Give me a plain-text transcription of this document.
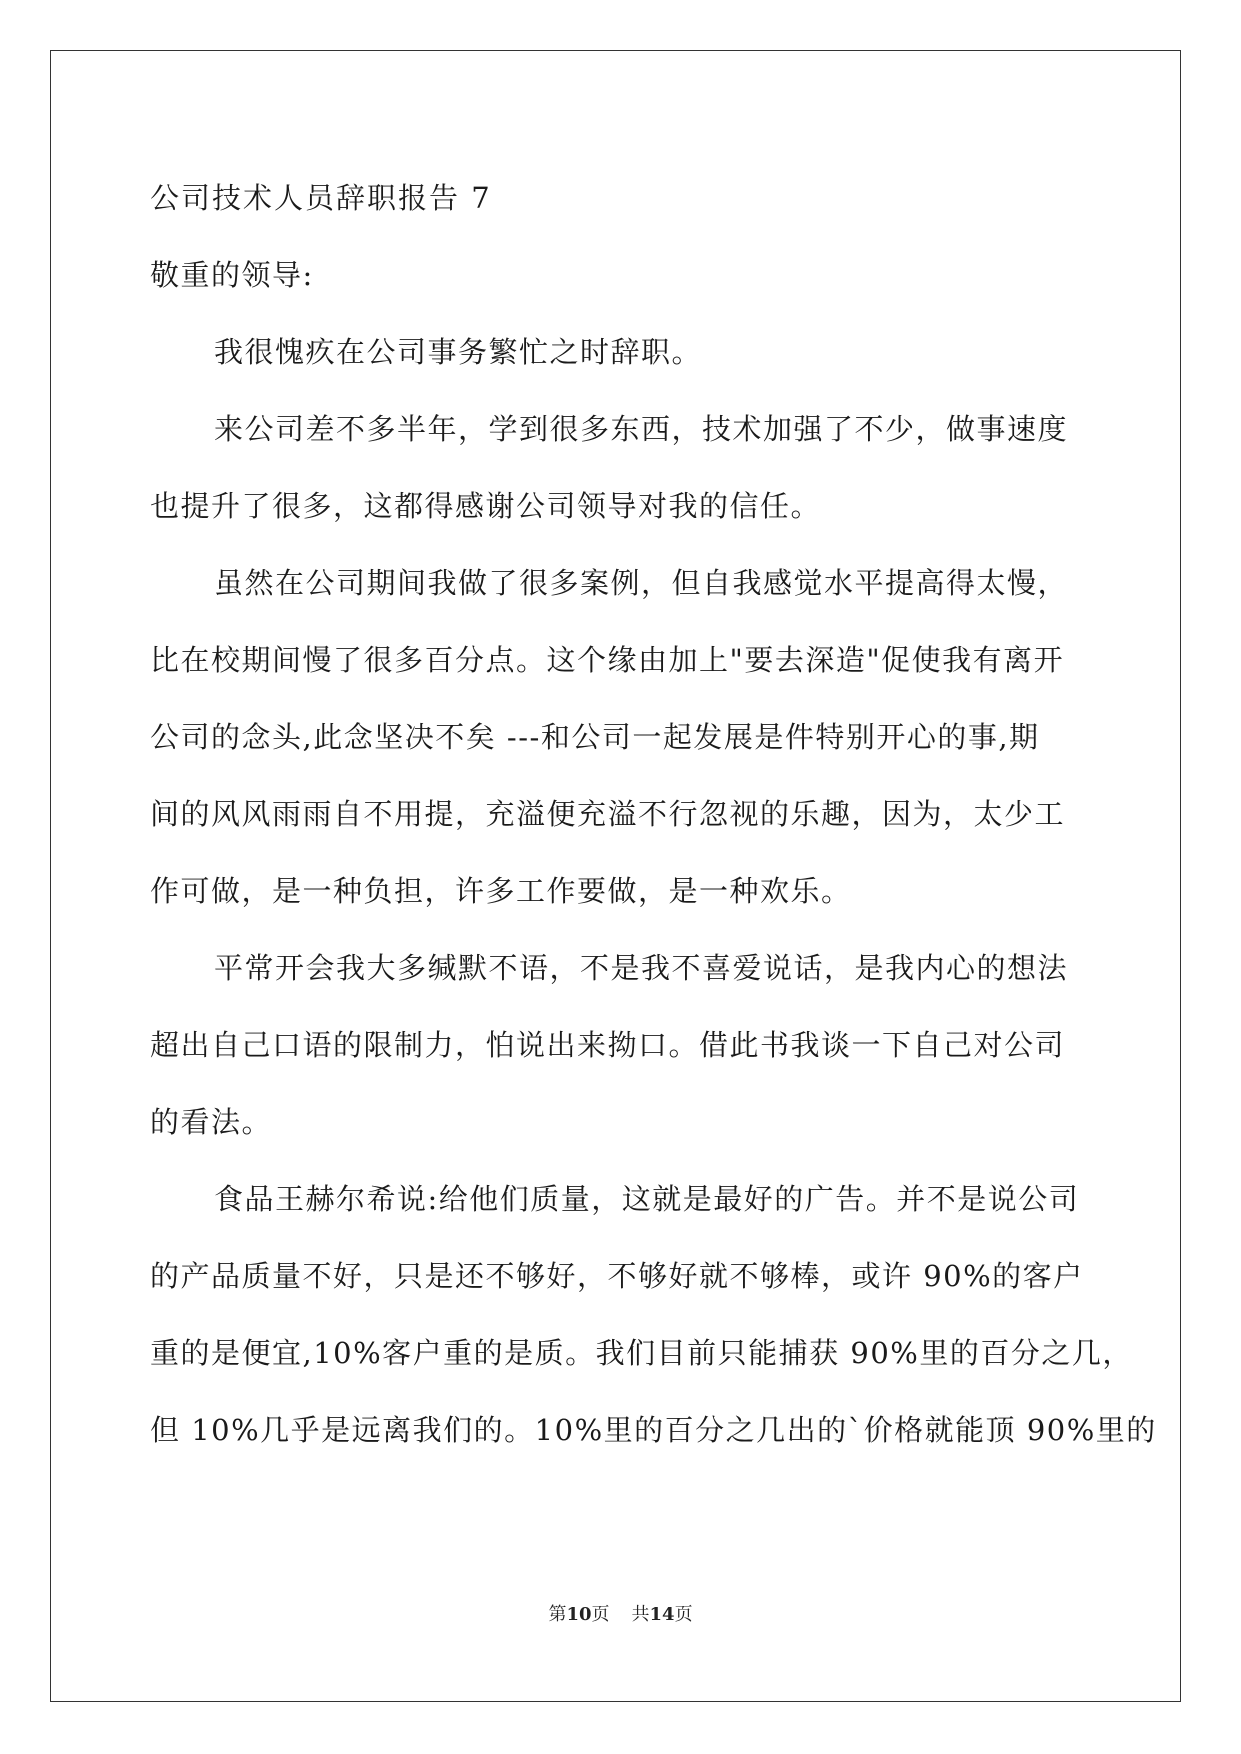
公司技术人员辞职报告 7

敬重的领导:

我很愧疚在公司事务繁忙之时辞职。

来公司差不多半年，学到很多东西，技术加强了不少，做事速度

也提升了很多，这都得感谢公司领导对我的信任。

虽然在公司期间我做了很多案例，但自我感觉水平提高得太慢，

比在校期间慢了很多百分点。这个缘由加上"要去深造"促使我有离开

公司的念头,此念坚决不矣 ---和公司一起发展是件特别开心的事,期

间的风风雨雨自不用提，充溢便充溢不行忽视的乐趣，因为，太少工

作可做，是一种负担，许多工作要做，是一种欢乐。

平常开会我大多缄默不语，不是我不喜爱说话，是我内心的想法

超出自己口语的限制力，怕说出来拗口。借此书我谈一下自己对公司

的看法。

食品王赫尔希说:给他们质量，这就是最好的广告。并不是说公司

的产品质量不好，只是还不够好，不够好就不够棒，或许 90%的客户

重的是便宜,10%客户重的是质。我们目前只能捕获 90%里的百分之几，

但 10%几乎是远离我们的。10%里的百分之几出的`价格就能顶 90%里的

第10页 共14页
